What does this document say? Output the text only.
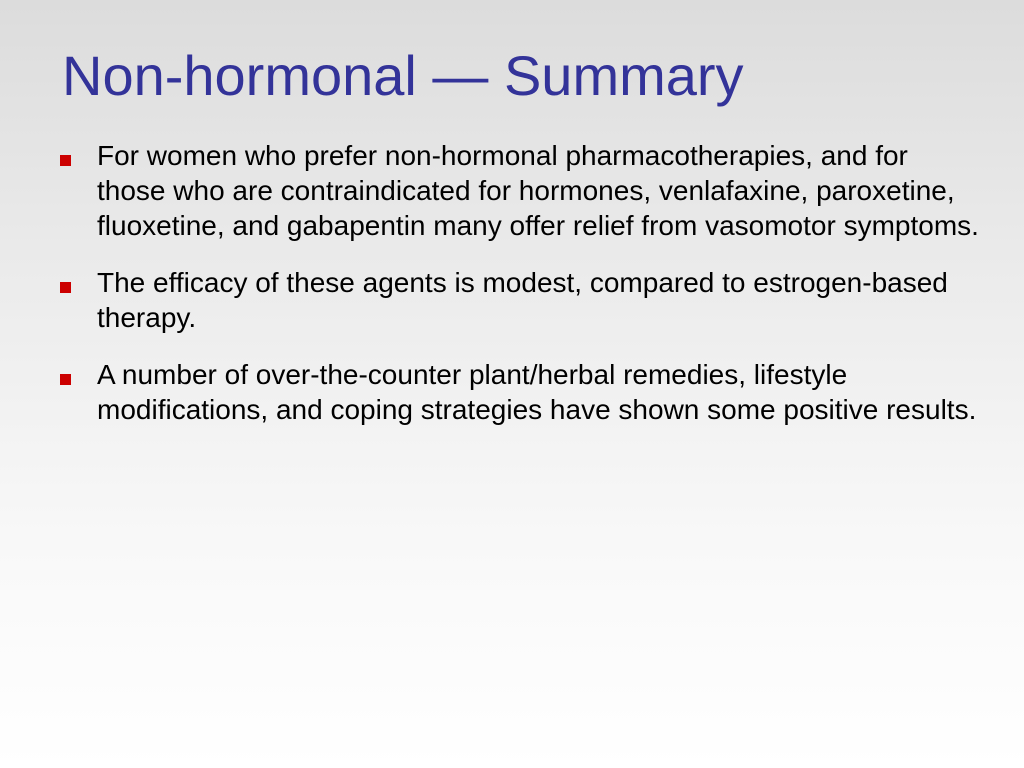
Non-hormonal — Summary
For women who prefer non-hormonal pharmacotherapies, and for those who are contraindicated for hormones, venlafaxine, paroxetine, fluoxetine, and gabapentin many offer relief from vasomotor symptoms.
The efficacy of these agents is modest, compared to estrogen-based therapy.
A number of over-the-counter plant/herbal remedies, lifestyle modifications, and coping strategies have shown some positive results.
